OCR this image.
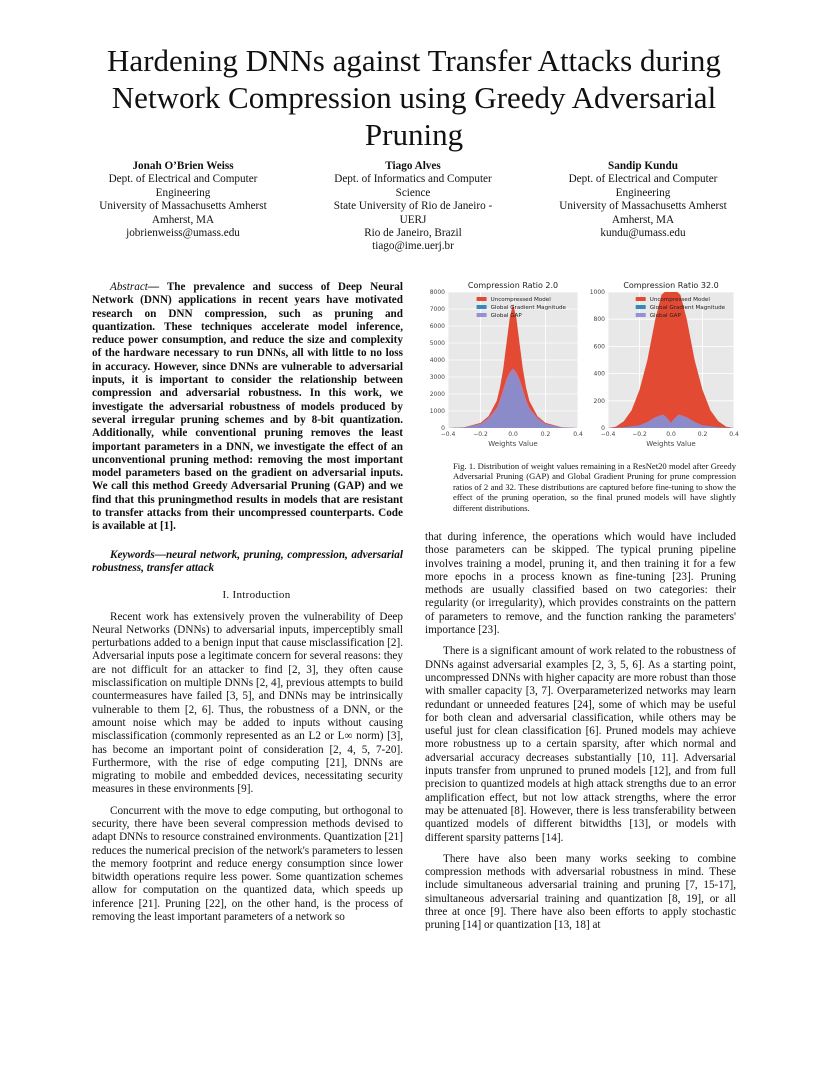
Hardening DNNs against Transfer Attacks during
Network Compression using Greedy Adversarial
Pruning
Jonah O’Brien Weiss
Dept. of Electrical and Computer
Engineering
University of Massachusetts Amherst
Amherst, MA
jobrienweiss@umass.edu
Tiago Alves
Dept. of Informatics and Computer
Science
State University of Rio de Janeiro -
UERJ
Rio de Janeiro, Brazil
tiago@ime.uerj.br
Sandip Kundu
Dept. of Electrical and Computer
Engineering
University of Massachusetts Amherst
Amherst, MA
kundu@umass.edu

Abstract— The prevalence and success of Deep Neural Network (DNN) applications in recent years have motivated research on DNN compression, such as pruning and quantization. These techniques accelerate model inference, reduce power consumption, and reduce the size and complexity of the hardware necessary to run DNNs, all with little to no loss in accuracy. However, since DNNs are vulnerable to adversarial inputs, it is important to consider the relationship between compression and adversarial robustness. In this work, we investigate the adversarial robustness of models produced by several irregular pruning schemes and by 8-bit quantization. Additionally, while conventional pruning removes the least important parameters in a DNN, we investigate the effect of an unconventional pruning method: removing the most important model parameters based on the gradient on adversarial inputs. We call this method Greedy Adversarial Pruning (GAP) and we find that this pruningmethod results in models that are resistant to transfer attacks from their uncompressed counterparts. Code is available at [1].

Keywords—neural network, pruning, compression, adversarial robustness, transfer attack

I. Introduction

Recent work has extensively proven the vulnerability of Deep Neural Networks (DNNs) to adversarial inputs, imperceptibly small perturbations added to a benign input that cause misclassification [2]. Adversarial inputs pose a legitimate concern for several reasons: they are not difficult for an attacker to find [2, 3], they often cause misclassification on multiple DNNs [2, 4], previous attempts to build countermeasures have failed [3, 5], and DNNs may be intrinsically vulnerable to them [2, 6]. Thus, the robustness of a DNN, or the amount noise which may be added to inputs without causing misclassification (commonly represented as an L2 or L∞ norm) [3], has become an important point of consideration [2, 4, 5, 7-20]. Furthermore, with the rise of edge computing [21], DNNs are migrating to mobile and embedded devices, necessitating security measures in these environments [9].

Concurrent with the move to edge computing, but orthogonal to security, there have been several compression methods devised to adapt DNNs to resource constrained environments. Quantization [21] reduces the numerical precision of the network's parameters to lessen the memory footprint and reduce energy consumption since lower bitwidth operations require less power. Some quantization schemes allow for computation on the quantized data, which speeds up inference [21]. Pruning [22], on the other hand, is the process of removing the least important parameters of a network so

0
1000
2000
3000
4000
5000
6000
7000
8000
−0.4	−0.2	0.0	0.2	0.4
Compression Ratio 2.0
Weights Value
Uncompressed Model
Global Gradient Magnitude
Global GAP
0
200
400
600
800
1000
−0.4	−0.2	0.0	0.2	0.4
Compression Ratio 32.0
Weights Value
Uncompressed Model
Global Gradient Magnitude
Global GAP
Fig. 1. Distribution of weight values remaining in a ResNet20 model after Greedy Adversarial Pruning (GAP) and Global Gradient Pruning for prune compression ratios of 2 and 32. These distributions are captured before fine-tuning to show the effect of the pruning operation, so the final pruned models will have slightly different distributions.

that during inference, the operations which would have included those parameters can be skipped. The typical pruning pipeline involves training a model, pruning it, and then training it for a few more epochs in a process known as fine-tuning [23]. Pruning methods are usually classified based on two categories: their regularity (or irregularity), which provides constraints on the pattern of parameters to remove, and the function ranking the parameters' importance [23].

There is a significant amount of work related to the robustness of DNNs against adversarial examples [2, 3, 5, 6]. As a starting point, uncompressed DNNs with higher capacity are more robust than those with smaller capacity [3, 7]. Overparameterized networks may learn redundant or unneeded features [24], some of which may be useful for both clean and adversarial classification, while others may be useful just for clean classification [6]. Pruned models may achieve more robustness up to a certain sparsity, after which normal and adversarial accuracy decreases substantially [10, 11]. Adversarial inputs transfer from unpruned to pruned models [12], and from full precision to quantized models at high attack strengths due to an error amplification effect, but not low attack strengths, where the error may be attenuated [8]. However, there is less transferability between quantized models of different bitwidths [13], or models with different sparsity patterns [14].

There have also been many works seeking to combine compression methods with adversarial robustness in mind. These include simultaneous adversarial training and pruning [7, 15-17], simultaneous adversarial training and quantization [8, 19], or all three at once [9]. There have also been efforts to apply stochastic pruning [14] or quantization [13, 18] at
